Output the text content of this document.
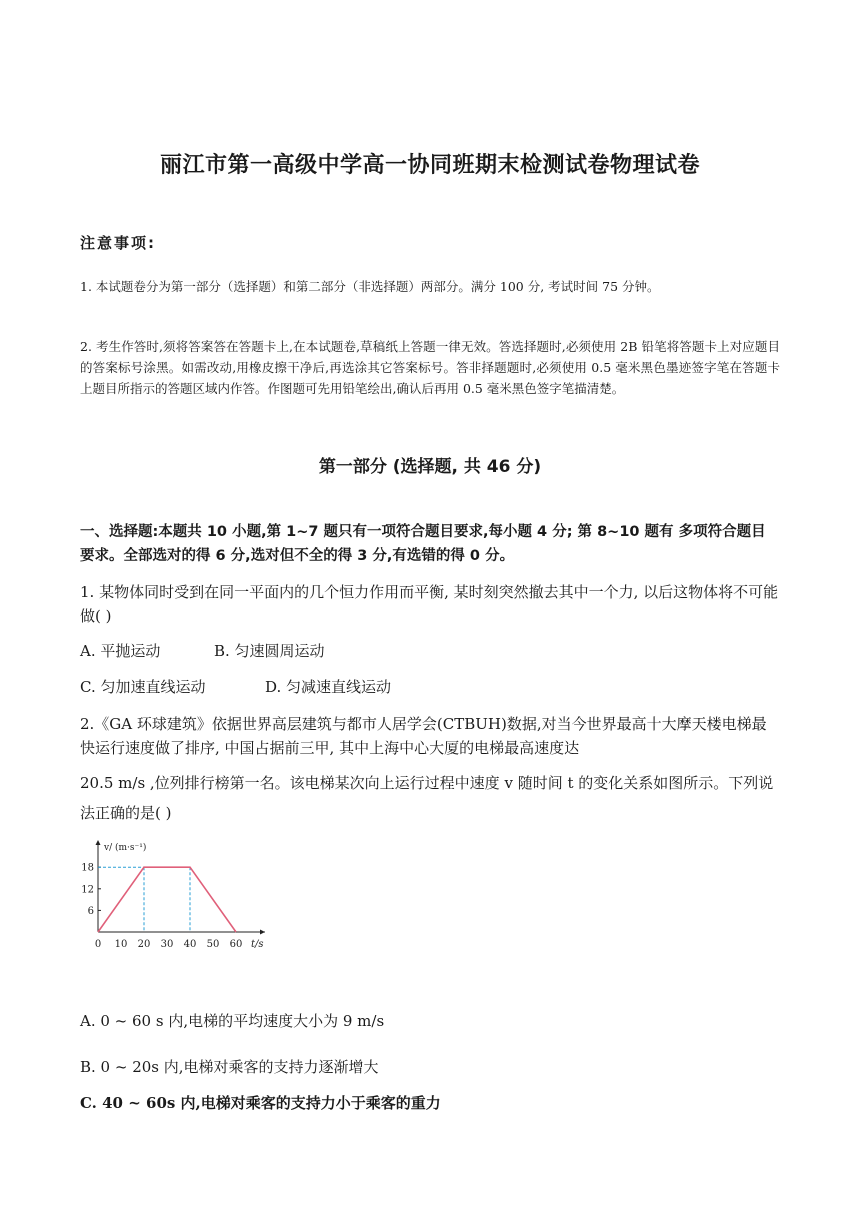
丽江市第一高级中学高一协同班期末检测试卷物理试卷
注意事项:
1. 本试题卷分为第一部分（选择题）和第二部分（非选择题）两部分。满分 100 分, 考试时间 75 分钟。
2. 考生作答时,须将答案答在答题卡上,在本试题卷,草稿纸上答题一律无效。答选择题时,必须使用 2B 铅笔将答题卡上对应题目的答案标号涂黑。如需改动,用橡皮擦干净后,再选涂其它答案标号。答非择题题时,必须使用 0.5 毫米黑色墨迹签字笔在答题卡上题目所指示的答题区域内作答。作图题可先用铅笔绘出,确认后再用 0.5 毫米黑色签字笔描清楚。
第一部分 (选择题, 共 46 分)
一、选择题:本题共 10 小题,第 1~7 题只有一项符合题目要求,每小题 4 分; 第 8~10 题有 多项符合题目要求。全部选对的得 6 分,选对但不全的得 3 分,有选错的得 0 分。
1. 某物体同时受到在同一平面内的几个恒力作用而平衡, 某时刻突然撤去其中一个力, 以后这物体将不可能做( )
A. 平抛运动	B. 匀速圆周运动
C. 匀加速直线运动	D. 匀减速直线运动
2.《GA 环球建筑》依据世界高层建筑与都市人居学会(CTBUH)数据,对当今世界最高十大摩天楼电梯最快运行速度做了排序, 中国占据前三甲, 其中上海中心大厦的电梯最高速度达
20.5 m/s ,位列排行榜第一名。该电梯某次向上运行过程中速度 v 随时间 t 的变化关系如图所示。下列说法正确的是( )
v/ (m·s⁻¹)
t/s
0 10 20 30 40 50 60
6
12
18
A. 0 ~ 60 s 内,电梯的平均速度大小为 9 m/s
B. 0 ~ 20s 内,电梯对乘客的支持力逐渐增大
C. 40 ~ 60s 内,电梯对乘客的支持力小于乘客的重力
